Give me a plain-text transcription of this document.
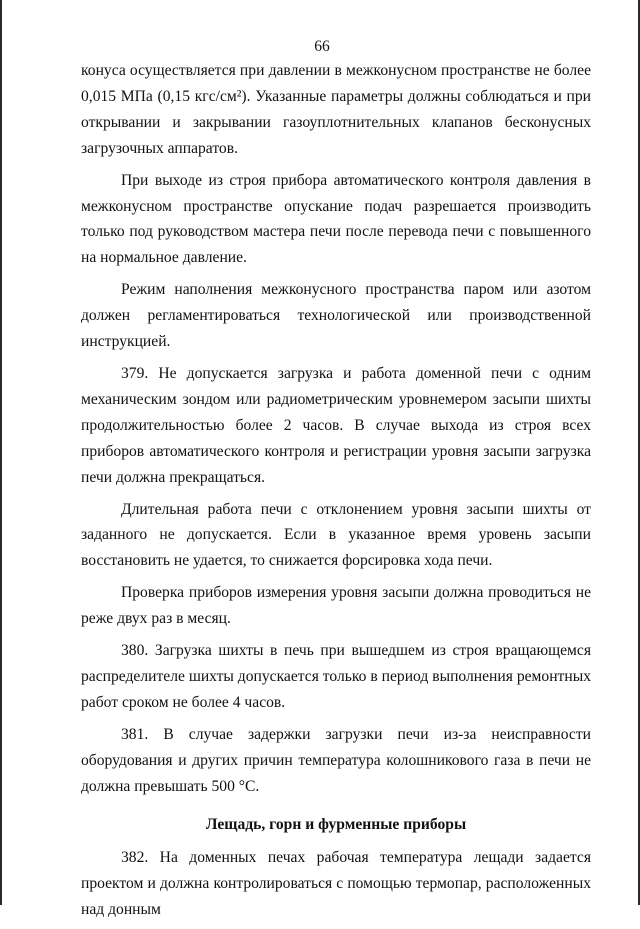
66

конуса осуществляется при давлении в межконусном пространстве не более 0,015 МПа (0,15 кгс/см²). Указанные параметры должны соблюдаться и при открывании и закрывании газоуплотнительных клапанов бесконусных загрузочных аппаратов.

При выходе из строя прибора автоматического контроля давления в межконусном пространстве опускание подач разрешается производить только под руководством мастера печи после перевода печи с повышенного на нормальное давление.

Режим наполнения межконусного пространства паром или азотом должен регламентироваться технологической или производственной инструкцией.

379. Не допускается загрузка и работа доменной печи с одним механическим зондом или радиометрическим уровнемером засыпи шихты продолжительностью более 2 часов. В случае выхода из строя всех приборов автоматического контроля и регистрации уровня засыпи загрузка печи должна прекращаться.

Длительная работа печи с отклонением уровня засыпи шихты от заданного не допускается. Если в указанное время уровень засыпи восстановить не удается, то снижается форсировка хода печи.

Проверка приборов измерения уровня засыпи должна проводиться не реже двух раз в месяц.

380. Загрузка шихты в печь при вышедшем из строя вращающемся распределителе шихты допускается только в период выполнения ремонтных работ сроком не более 4 часов.

381. В случае задержки загрузки печи из-за неисправности оборудования и других причин температура колошникового газа в печи не должна превышать 500 °С.

Лещадь, горн и фурменные приборы

382. На доменных печах рабочая температура лещади задается проектом и должна контролироваться с помощью термопар, расположенных над донным
